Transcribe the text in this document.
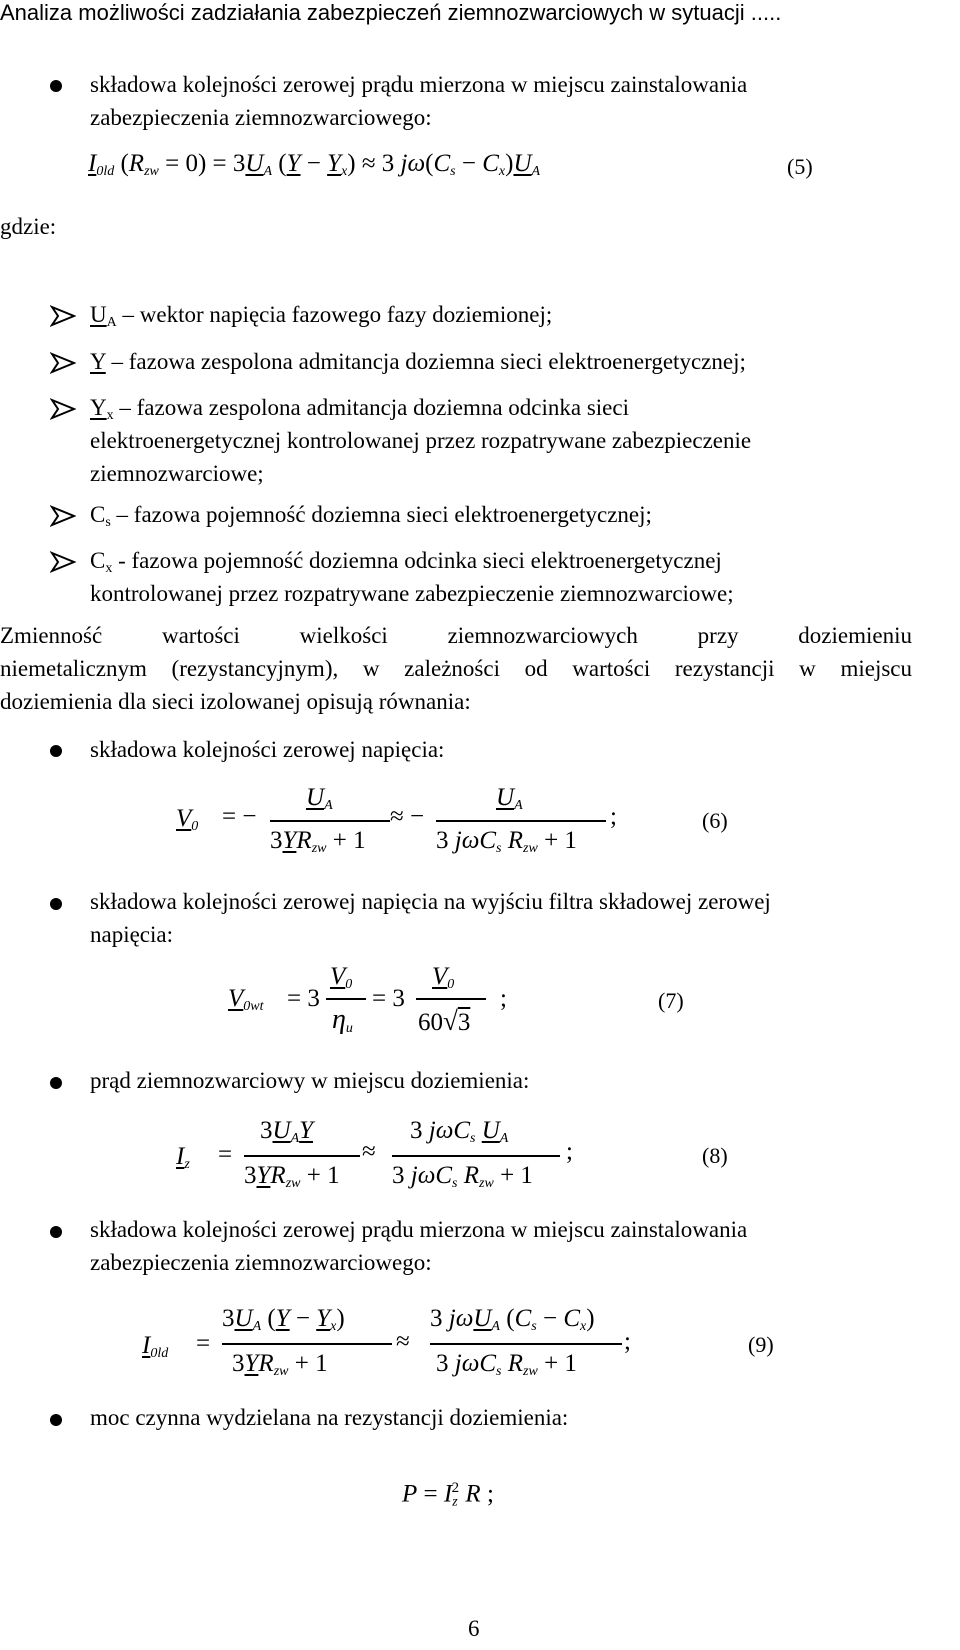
Analiza możliwości zadziałania zabezpieczeń ziemnozwarciowych w sytuacji .....
składowa kolejności zerowej prądu mierzona w miejscu zainstalowania
zabezpieczenia ziemnozwarciowego:
$I_{0ld}$ $(R_{zw} = 0) = 3U_A$ $(Y - Y_x) \approx 3$ $j\omega(C_s - C_x)U_A$	(5)
gdzie:
$U_A$ – wektor napięcia fazowego fazy doziemionej;
Y – fazowa zespolona admitancja doziemna sieci elektroenergetycznej;
$Y_x$ – fazowa zespolona admitancja doziemna odcinka sieci
elektroenergetycznej kontrolowanej przez rozpatrywane zabezpieczenie
ziemnozwarciowe;
$C_s$ – fazowa pojemność doziemna sieci elektroenergetycznej;
$C_x$ - fazowa pojemność doziemna odcinka sieci elektroenergetycznej
kontrolowanej przez rozpatrywane zabezpieczenie ziemnozwarciowe;
Zmienność wartości wielkości ziemnozwarciowych przy doziemieniu
niemetalicznym (rezystancyjnym), w zależności od wartości rezystancji w miejscu
doziemienia dla sieci izolowanej opisują równania:
składowa kolejności zerowej napięcia:
$V_0$ = −
$U_A$
$3YR_{zw} + 1$
≈ −
$U_A$
3 jωC$_s$ $R_{zw} + 1$
;	(6)
składowa kolejności zerowej napięcia na wyjściu filtra składowej zerowej
napięcia:
$V_{0wt} = 3$
$V_0$
$\eta_u$
= 3
$V_0$
60√3
;	(7)
prąd ziemnozwarciowy w miejscu doziemienia:
$I_z$ =
$3U_AY$
$3YR_{zw} + 1$
≈
3 jωC$_s$ $U_A$
3 jωC$_s$ $R_{zw} + 1$
;	(8)
składowa kolejności zerowej prądu mierzona w miejscu zainstalowania
zabezpieczenia ziemnozwarciowego:
$I_{0ld}$ =
$3U_A$ $(Y - Y_x)$
$3YR_{zw} + 1$
≈
3 jωU$_A$ $(C_s - C_x)$
3 jωC$_s$ $R_{zw} + 1$
;	(9)
moc czynna wydzielana na rezystancji doziemienia:
$P = I_z^2$ R ;
6
